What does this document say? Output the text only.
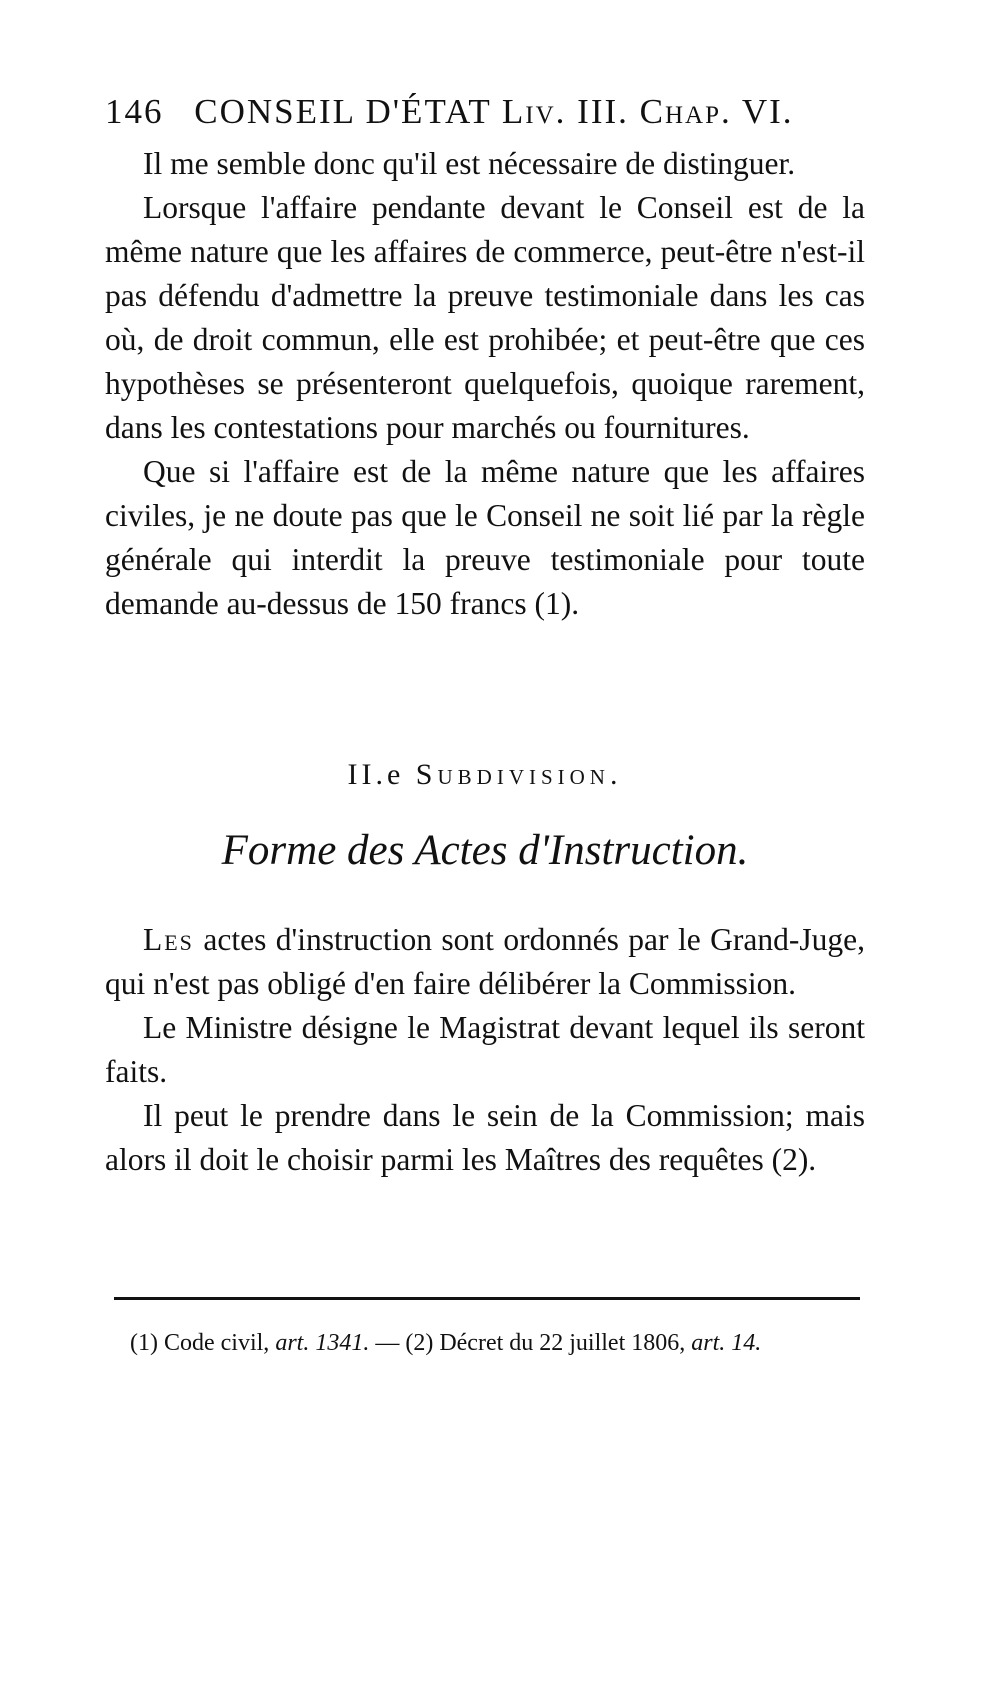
146 CONSEIL D'ÉTAT Liv. III. Chap. VI.

Il me semble donc qu'il est nécessaire de distinguer.

Lorsque l'affaire pendante devant le Conseil est de la même nature que les affaires de commerce, peut-être n'est-il pas défendu d'admettre la preuve testimoniale dans les cas où, de droit commun, elle est prohibée; et peut-être que ces hypothèses se présenteront quelquefois, quoique rarement, dans les contestations pour marchés ou fournitures.

Que si l'affaire est de la même nature que les affaires civiles, je ne doute pas que le Conseil ne soit lié par la règle générale qui interdit la preuve testimoniale pour toute demande au-dessus de 150 francs (1).

II.e Subdivision.
Forme des Actes d'Instruction.

Les actes d'instruction sont ordonnés par le Grand-Juge, qui n'est pas obligé d'en faire délibérer la Commission.

Le Ministre désigne le Magistrat devant lequel ils seront faits.

Il peut le prendre dans le sein de la Commission; mais alors il doit le choisir parmi les Maîtres des requêtes (2).

(1) Code civil, art. 1341. — (2) Décret du 22 juillet 1806, art. 14.
